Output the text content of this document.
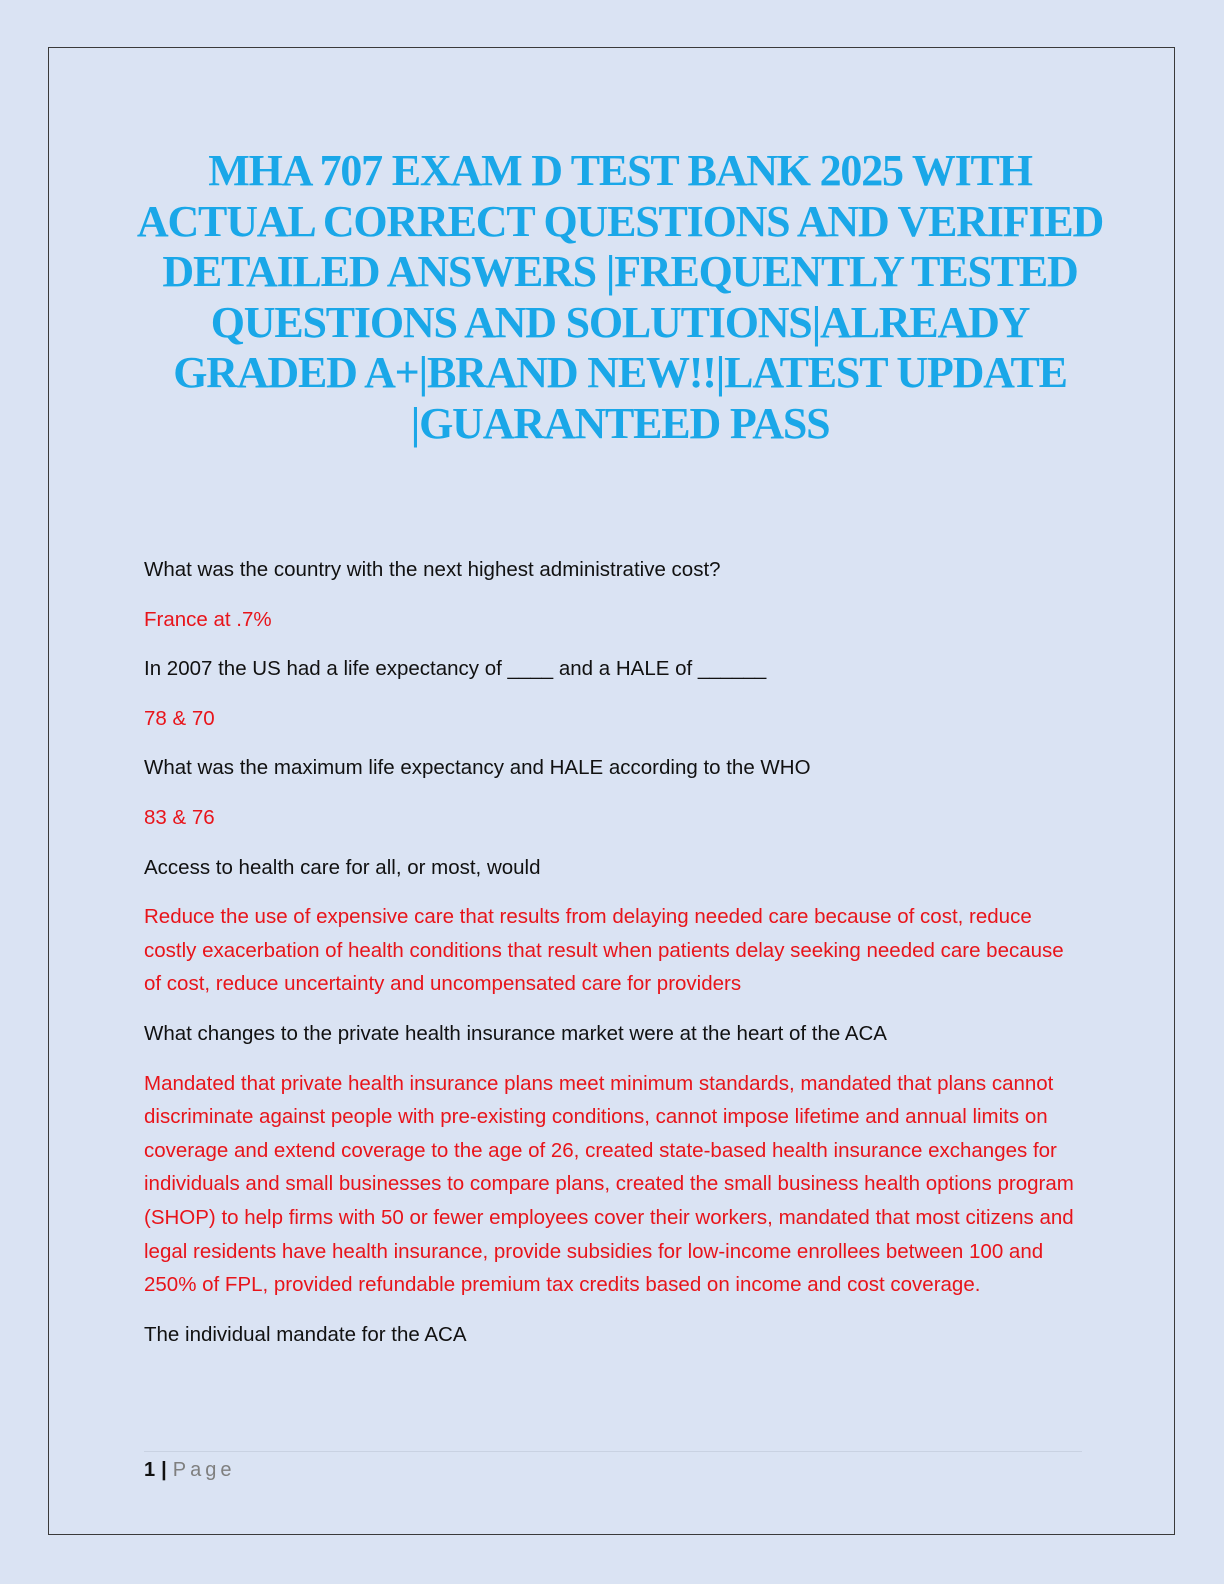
MHA 707 EXAM D TEST BANK 2025 WITH ACTUAL CORRECT QUESTIONS AND VERIFIED DETAILED ANSWERS |FREQUENTLY TESTED QUESTIONS AND SOLUTIONS|ALREADY GRADED A+|BRAND NEW!!|LATEST UPDATE |GUARANTEED PASS

What was the country with the next highest administrative cost?

France at .7%

In 2007 the US had a life expectancy of ____ and a HALE of ______

78 & 70

What was the maximum life expectancy and HALE according to the WHO

83 & 76

Access to health care for all, or most, would

Reduce the use of expensive care that results from delaying needed care because of cost, reduce costly exacerbation of health conditions that result when patients delay seeking needed care because of cost, reduce uncertainty and uncompensated care for providers

What changes to the private health insurance market were at the heart of the ACA

Mandated that private health insurance plans meet minimum standards, mandated that plans cannot discriminate against people with pre-existing conditions, cannot impose lifetime and annual limits on coverage and extend coverage to the age of 26, created state-based health insurance exchanges for individuals and small businesses to compare plans, created the small business health options program (SHOP) to help firms with 50 or fewer employees cover their workers, mandated that most citizens and legal residents have health insurance, provide subsidies for low-income enrollees between 100 and 250% of FPL, provided refundable premium tax credits based on income and cost coverage.

The individual mandate for the ACA

1 | Page
